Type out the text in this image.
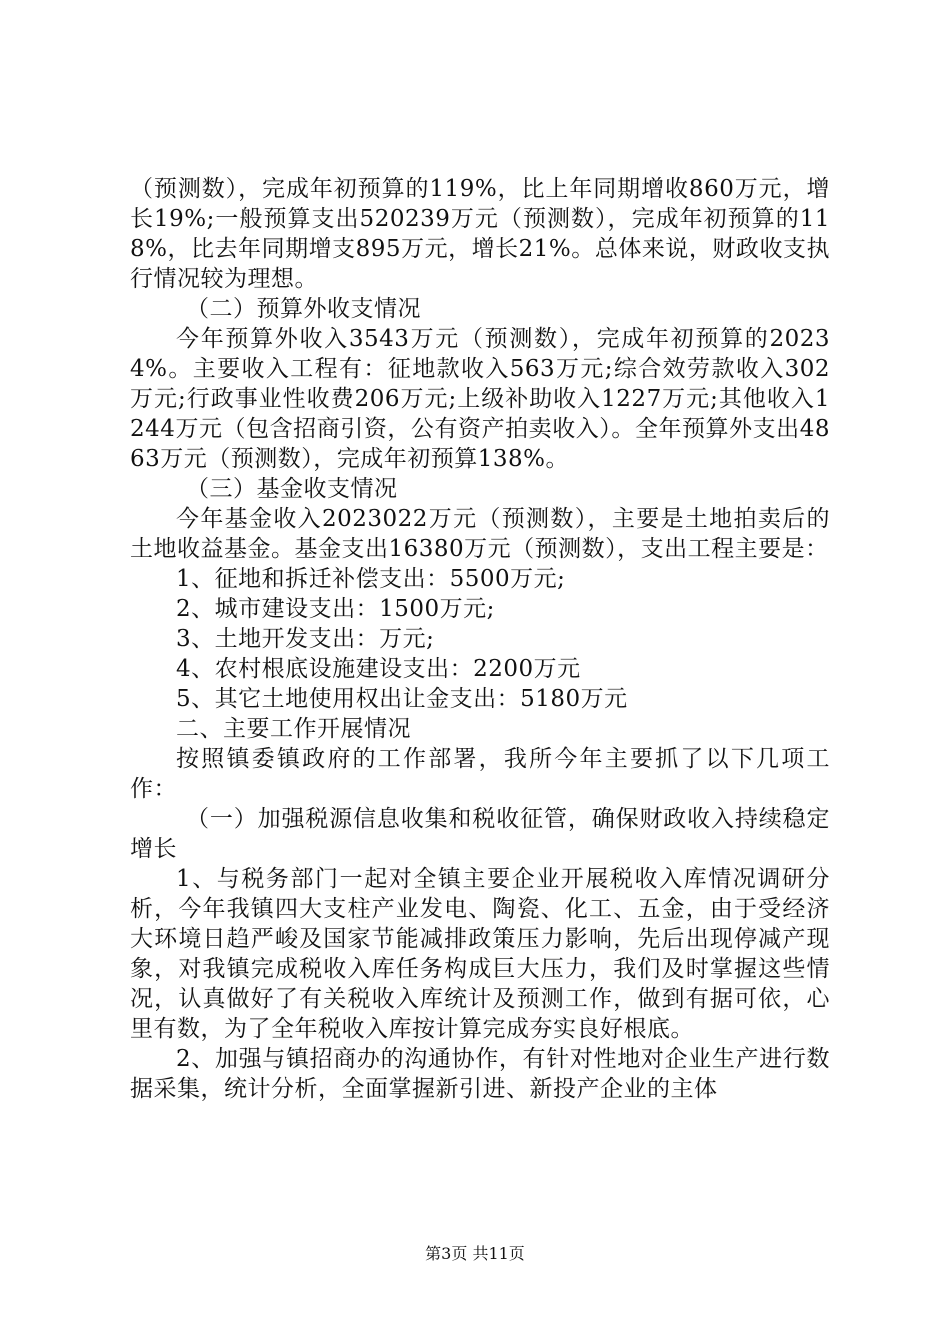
（预测数），完成年初预算的119%，比上年同期增收860万元，增长19%;一般预算支出520239万元（预测数），完成年初预算的118%，比去年同期增支895万元，增长21%。总体来说，财政收支执行情况较为理想。

（二）预算外收支情况

今年预算外收入3543万元（预测数），完成年初预算的20234%。主要收入工程有：征地款收入563万元;综合效劳款收入302万元;行政事业性收费206万元;上级补助收入1227万元;其他收入1244万元（包含招商引资，公有资产拍卖收入）。全年预算外支出4863万元（预测数），完成年初预算138%。

（三）基金收支情况

今年基金收入2023022万元（预测数），主要是土地拍卖后的土地收益基金。基金支出16380万元（预测数），支出工程主要是：

1、征地和拆迁补偿支出：5500万元;

2、城市建设支出：1500万元;

3、土地开发支出：万元;

4、农村根底设施建设支出：2200万元

5、其它土地使用权出让金支出：5180万元

二、主要工作开展情况

按照镇委镇政府的工作部署，我所今年主要抓了以下几项工作：

（一）加强税源信息收集和税收征管，确保财政收入持续稳定增长

1、与税务部门一起对全镇主要企业开展税收入库情况调研分析，今年我镇四大支柱产业发电、陶瓷、化工、五金，由于受经济大环境日趋严峻及国家节能减排政策压力影响，先后出现停减产现象，对我镇完成税收入库任务构成巨大压力，我们及时掌握这些情况，认真做好了有关税收入库统计及预测工作，做到有据可依，心里有数，为了全年税收入库按计算完成夯实良好根底。

2、加强与镇招商办的沟通协作，有针对性地对企业生产进行数据采集，统计分析，全面掌握新引进、新投产企业的主体

第3页 共11页
